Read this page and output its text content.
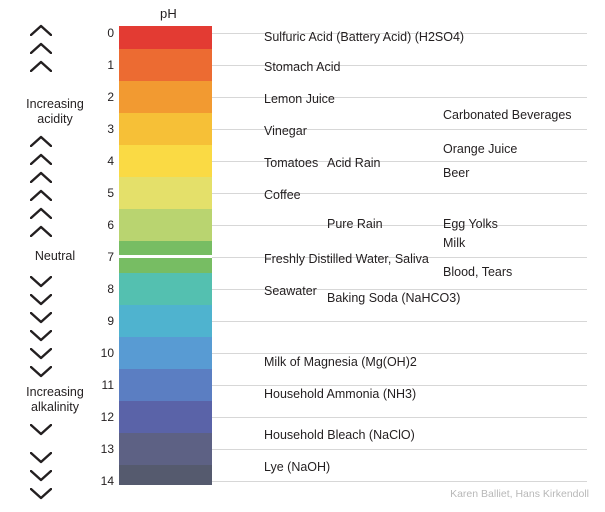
Increasing
acidity
Neutral
Increasing
alkalinity
pH
0
1
2
3
4
5
6
7
8
9
10
11
12
13
14
Sulfuric Acid (Battery Acid) (H2SO4)
Stomach Acid
Lemon Juice
Carbonated Beverages
Vinegar
Orange Juice
Tomatoes Acid Rain
Beer
Coffee
Pure Rain	Egg Yolks
Milk
Freshly Distilled Water, Saliva
Blood, Tears
Seawater Baking Soda (NaHCO3)
Milk of Magnesia (Mg(OH)2
Household Ammonia (NH3)
Household Bleach (NaClO)
Lye (NaOH)
Karen Balliet, Hans Kirkendoll
